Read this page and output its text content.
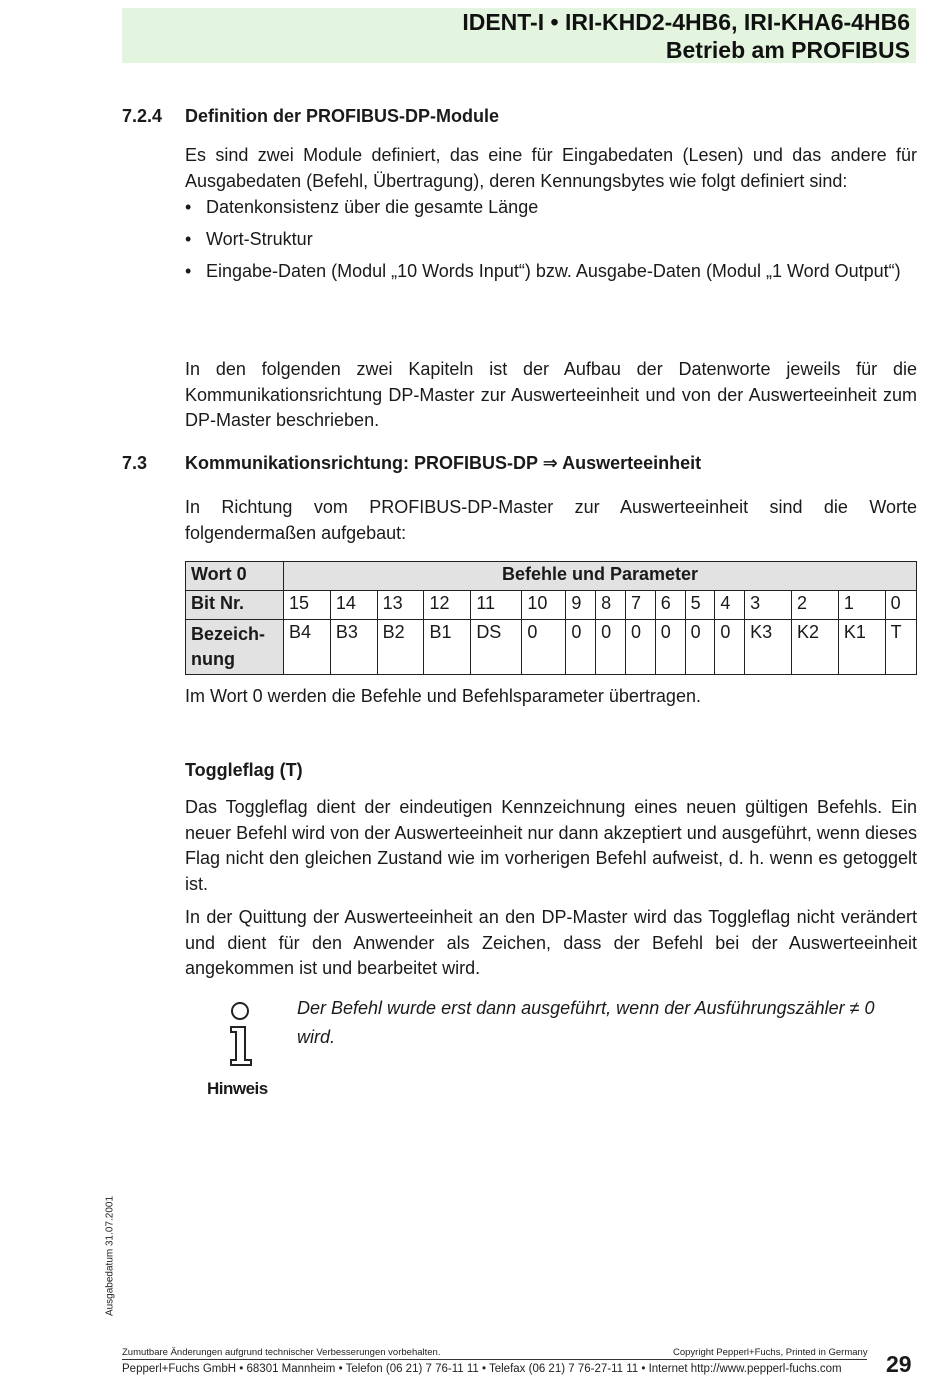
IDENT-I • IRI-KHD2-4HB6, IRI-KHA6-4HB6
Betrieb am PROFIBUS
7.2.4 Definition der PROFIBUS-DP-Module
Es sind zwei Module definiert, das eine für Eingabedaten (Lesen) und das andere für Ausgabedaten (Befehl, Übertragung), deren Kennungsbytes wie folgt definiert sind:
• Datenkonsistenz über die gesamte Länge
• Wort-Struktur
• Eingabe-Daten (Modul „10 Words Input“) bzw. Ausgabe-Daten (Modul „1 Word Output“)
In den folgenden zwei Kapiteln ist der Aufbau der Datenworte jeweils für die Kommunikationsrichtung DP-Master zur Auswerteeinheit und von der Auswerteeinheit zum DP-Master beschrieben.
7.3 Kommunikationsrichtung: PROFIBUS-DP ⇒ Auswerteeinheit
In Richtung vom PROFIBUS-DP-Master zur Auswerteeinheit sind die Worte folgendermaßen aufgebaut:
Wort 0	Befehle und Parameter															
Bit Nr.	15	14	13	12	11	10	9	8	7	6	5	4	3	2	1	0
Bezeich-nung	B4	B3	B2	B1	DS	0	0	0	0	0	0	0	K3	K2	K1	T
Im Wort 0 werden die Befehle und Befehlsparameter übertragen.
Toggleflag (T)
Das Toggleflag dient der eindeutigen Kennzeichnung eines neuen gültigen Befehls. Ein neuer Befehl wird von der Auswerteeinheit nur dann akzeptiert und ausgeführt, wenn dieses Flag nicht den gleichen Zustand wie im vorherigen Befehl aufweist, d. h. wenn es getoggelt ist.
In der Quittung der Auswerteeinheit an den DP-Master wird das Toggleflag nicht verändert und dient für den Anwender als Zeichen, dass der Befehl bei der Auswerteeinheit angekommen ist und bearbeitet wird.
Hinweis
Der Befehl wurde erst dann ausgeführt, wenn der Ausführungszähler ≠ 0 wird.
Ausgabedatum 31.07.2001
Zumutbare Änderungen aufgrund technischer Verbesserungen vorbehalten.	Copyright Pepperl+Fuchs, Printed in Germany
Pepperl+Fuchs GmbH • 68301 Mannheim • Telefon (06 21) 7 76-11 11 • Telefax (06 21) 7 76-27-11 11 • Internet http://www.pepperl-fuchs.com 29
